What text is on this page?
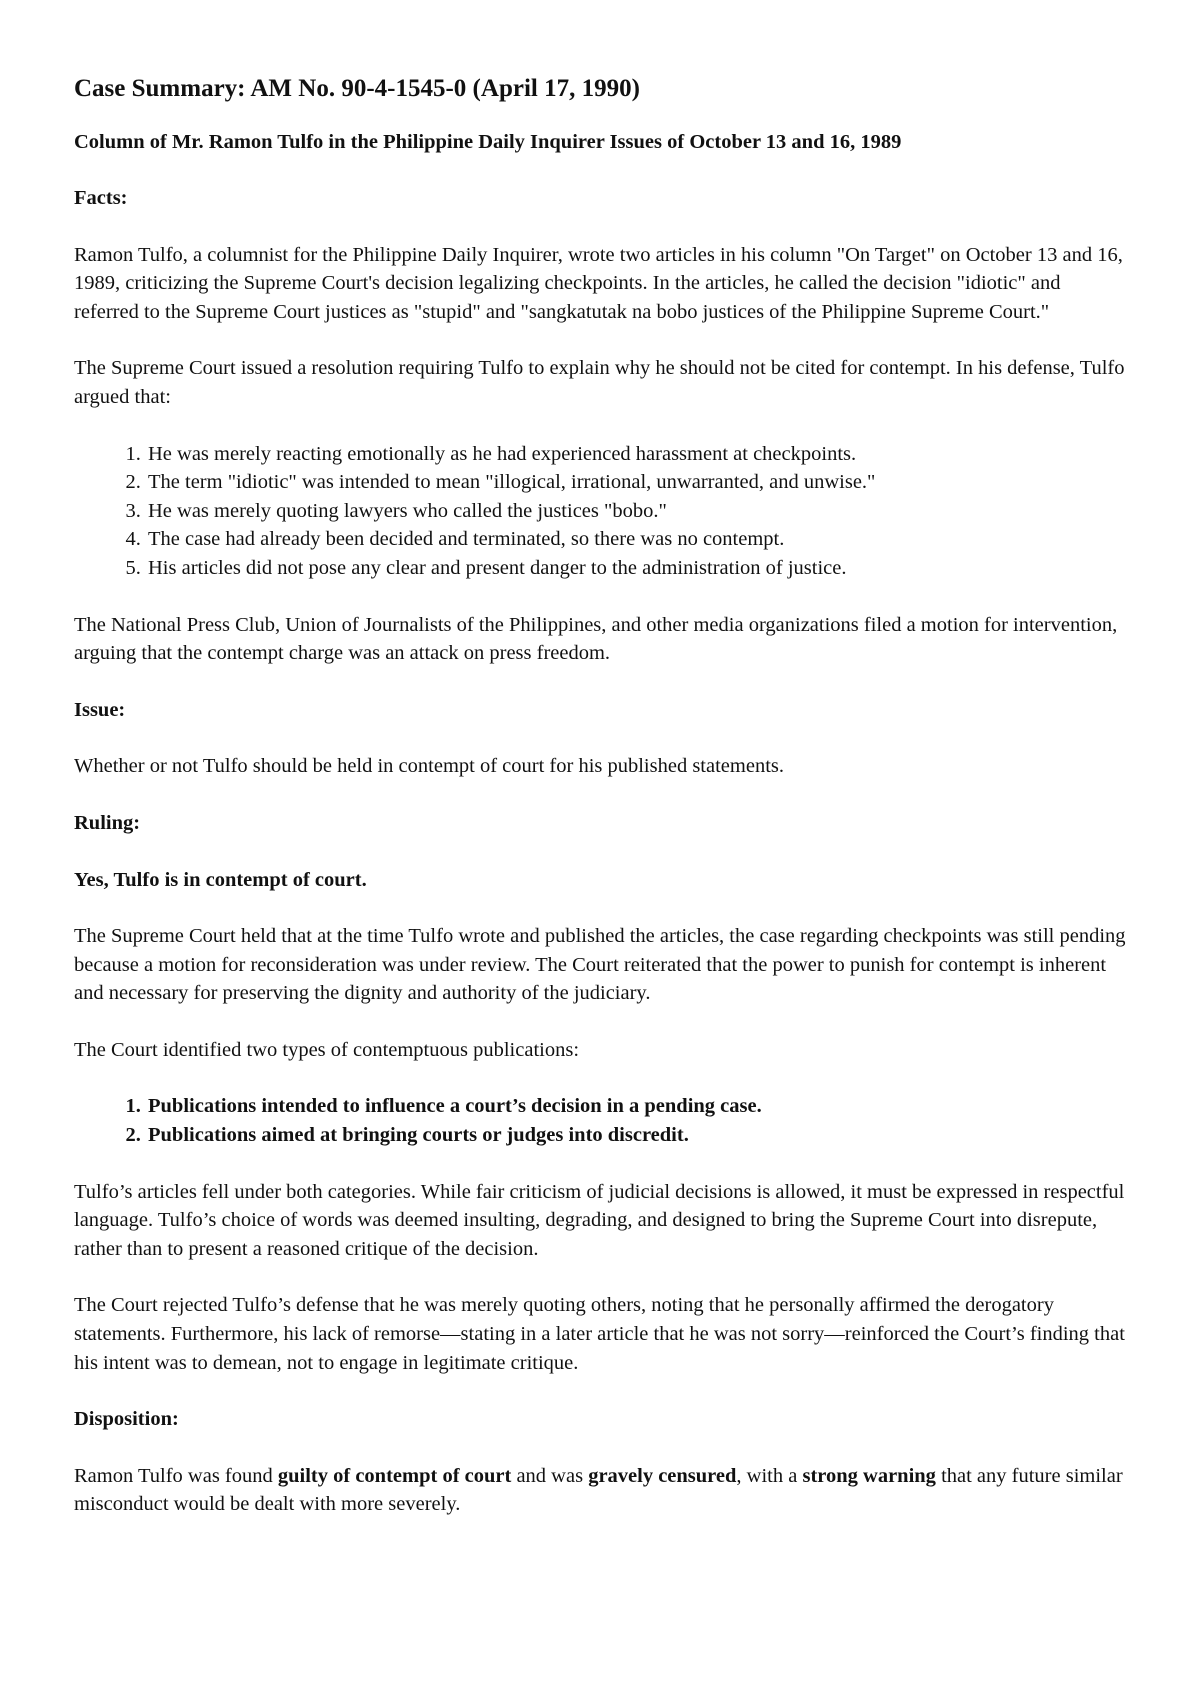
Case Summary: AM No. 90-4-1545-0 (April 17, 1990)
Column of Mr. Ramon Tulfo in the Philippine Daily Inquirer Issues of October 13 and 16, 1989
Facts:

Ramon Tulfo, a columnist for the Philippine Daily Inquirer, wrote two articles in his column "On Target" on October 13 and 16, 1989, criticizing the Supreme Court's decision legalizing checkpoints. In the articles, he called the decision "idiotic" and referred to the Supreme Court justices as "stupid" and "sangkatutak na bobo justices of the Philippine Supreme Court."

The Supreme Court issued a resolution requiring Tulfo to explain why he should not be cited for contempt. In his defense, Tulfo argued that:

1. He was merely reacting emotionally as he had experienced harassment at checkpoints.
2. The term "idiotic" was intended to mean "illogical, irrational, unwarranted, and unwise."
3. He was merely quoting lawyers who called the justices "bobo."
4. The case had already been decided and terminated, so there was no contempt.
5. His articles did not pose any clear and present danger to the administration of justice.

The National Press Club, Union of Journalists of the Philippines, and other media organizations filed a motion for intervention, arguing that the contempt charge was an attack on press freedom.

Issue:

Whether or not Tulfo should be held in contempt of court for his published statements.

Ruling:
Yes, Tulfo is in contempt of court.

The Supreme Court held that at the time Tulfo wrote and published the articles, the case regarding checkpoints was still pending because a motion for reconsideration was under review. The Court reiterated that the power to punish for contempt is inherent and necessary for preserving the dignity and authority of the judiciary.

The Court identified two types of contemptuous publications:

1. Publications intended to influence a court’s decision in a pending case.
2. Publications aimed at bringing courts or judges into discredit.

Tulfo’s articles fell under both categories. While fair criticism of judicial decisions is allowed, it must be expressed in respectful language. Tulfo’s choice of words was deemed insulting, degrading, and designed to bring the Supreme Court into disrepute, rather than to present a reasoned critique of the decision.

The Court rejected Tulfo’s defense that he was merely quoting others, noting that he personally affirmed the derogatory statements. Furthermore, his lack of remorse—stating in a later article that he was not sorry—reinforced the Court’s finding that his intent was to demean, not to engage in legitimate critique.

Disposition:

Ramon Tulfo was found guilty of contempt of court and was gravely censured, with a strong warning that any future similar misconduct would be dealt with more severely.
